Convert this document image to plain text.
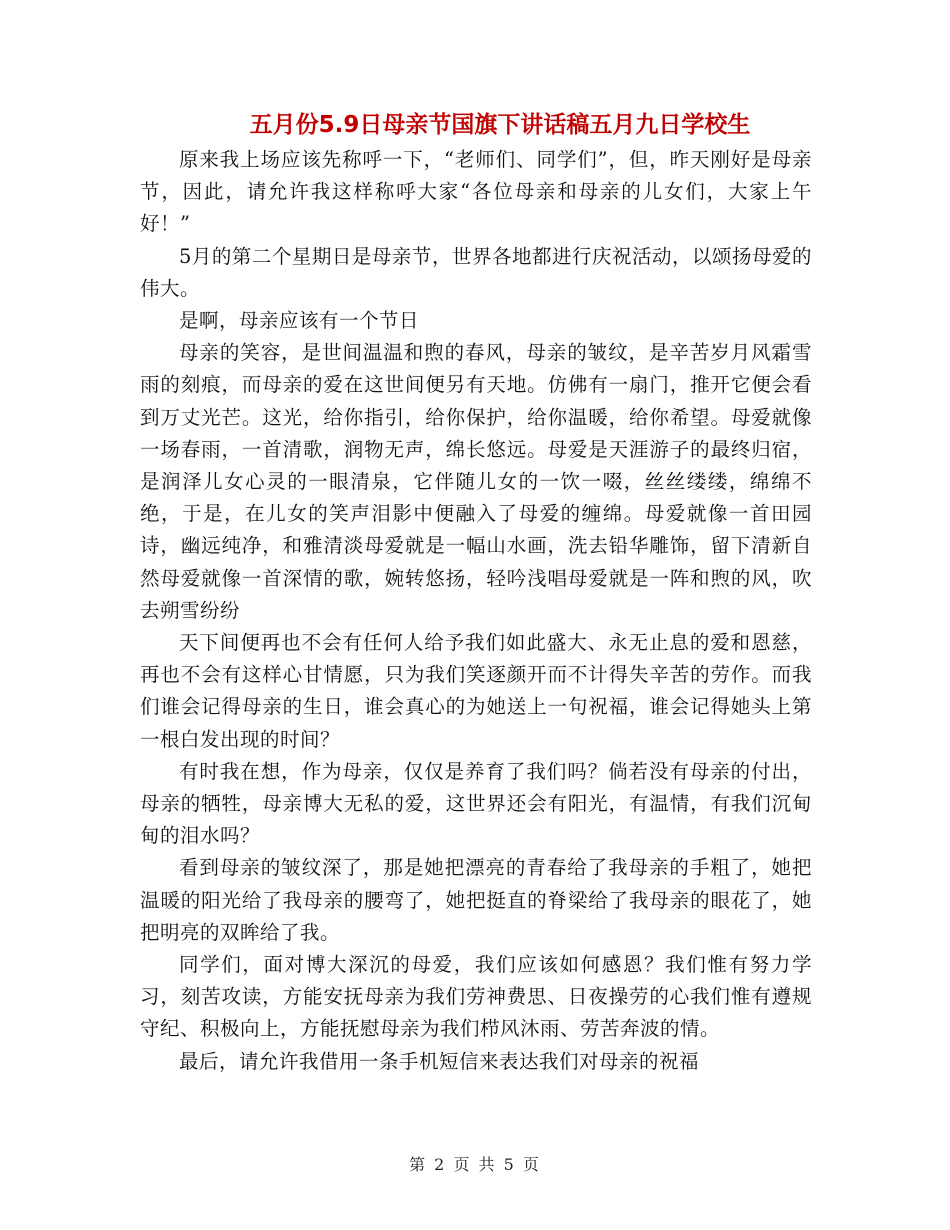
五月份5.9日母亲节国旗下讲话稿五月九日学校生

原来我上场应该先称呼一下，“老师们、同学们”，但，昨天刚好是母亲节，因此，请允许我这样称呼大家“各位母亲和母亲的儿女们，大家上午好！”

5月的第二个星期日是母亲节，世界各地都进行庆祝活动，以颂扬母爱的伟大。

是啊，母亲应该有一个节日

母亲的笑容，是世间温温和煦的春风，母亲的皱纹，是辛苦岁月风霜雪雨的刻痕，而母亲的爱在这世间便另有天地。仿佛有一扇门，推开它便会看到万丈光芒。这光，给你指引，给你保护，给你温暖，给你希望。母爱就像一场春雨，一首清歌，润物无声，绵长悠远。母爱是天涯游子的最终归宿，是润泽儿女心灵的一眼清泉，它伴随儿女的一饮一啜，丝丝缕缕，绵绵不绝，于是，在儿女的笑声泪影中便融入了母爱的缠绵。母爱就像一首田园诗，幽远纯净，和雅清淡母爱就是一幅山水画，洗去铅华雕饰，留下清新自然母爱就像一首深情的歌，婉转悠扬，轻吟浅唱母爱就是一阵和煦的风，吹去朔雪纷纷

天下间便再也不会有任何人给予我们如此盛大、永无止息的爱和恩慈，再也不会有这样心甘情愿，只为我们笑逐颜开而不计得失辛苦的劳作。而我们谁会记得母亲的生日，谁会真心的为她送上一句祝福，谁会记得她头上第一根白发出现的时间？

有时我在想，作为母亲，仅仅是养育了我们吗？倘若没有母亲的付出，母亲的牺牲，母亲博大无私的爱，这世界还会有阳光，有温情，有我们沉甸甸的泪水吗？

看到母亲的皱纹深了，那是她把漂亮的青春给了我母亲的手粗了，她把温暖的阳光给了我母亲的腰弯了，她把挺直的脊梁给了我母亲的眼花了，她把明亮的双眸给了我。

同学们，面对博大深沉的母爱，我们应该如何感恩？我们惟有努力学习，刻苦攻读，方能安抚母亲为我们劳神费思、日夜操劳的心我们惟有遵规守纪、积极向上，方能抚慰母亲为我们栉风沐雨、劳苦奔波的情。

最后，请允许我借用一条手机短信来表达我们对母亲的祝福

第 2 页 共 5 页
